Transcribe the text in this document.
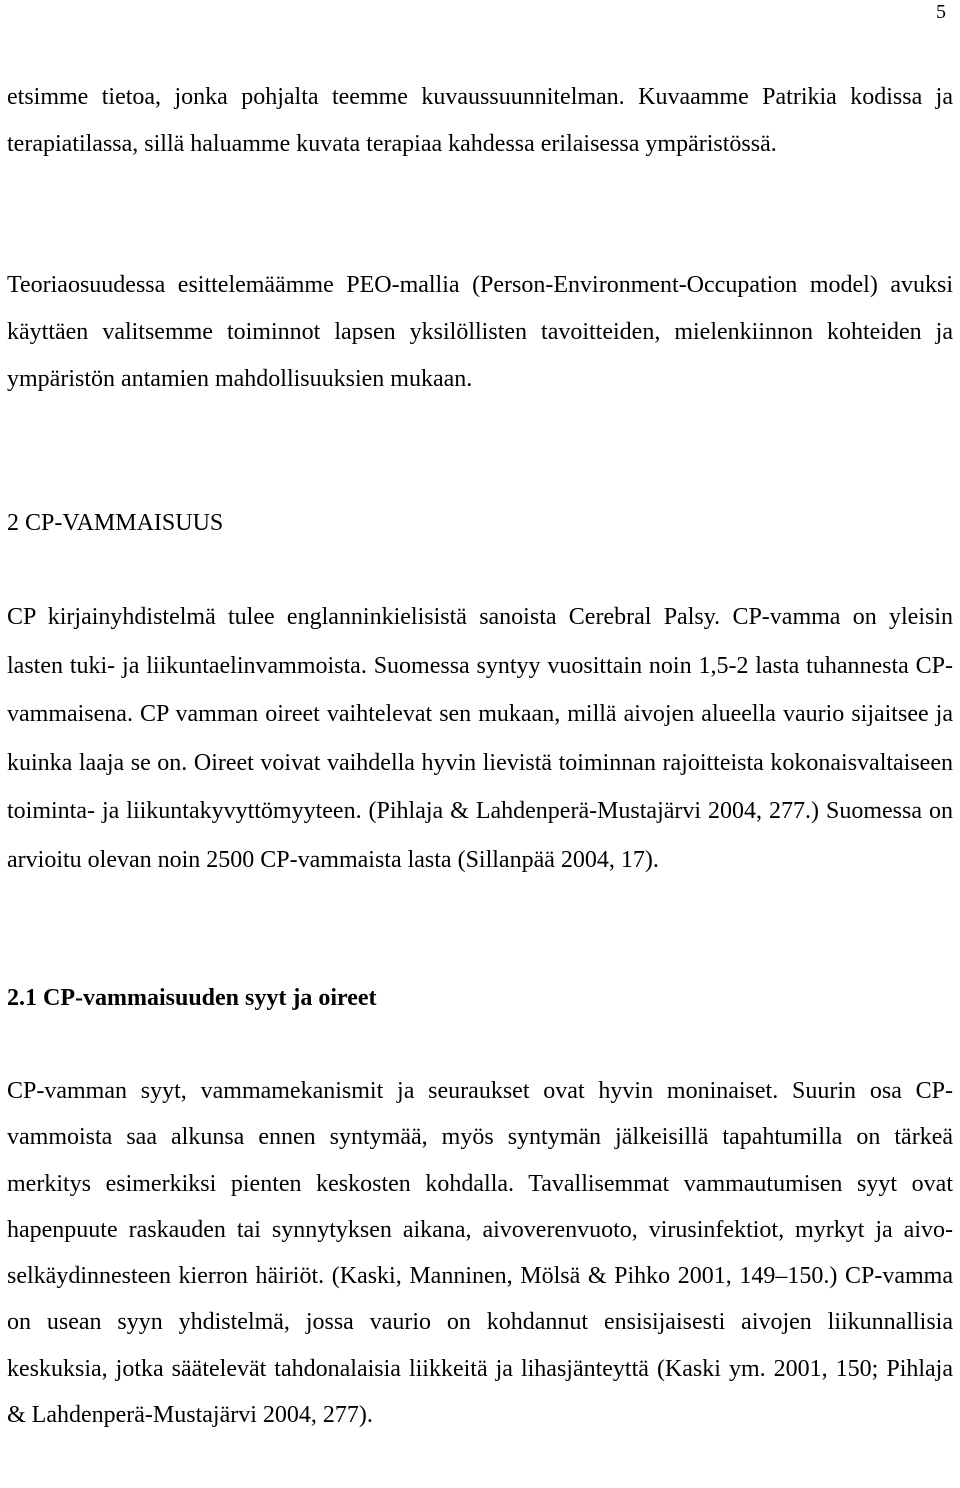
5

etsimme tietoa, jonka pohjalta teemme kuvaussuunnitelman. Kuvaamme Patrikia kodissa ja terapiatilassa, sillä haluamme kuvata terapiaa kahdessa erilaisessa ympäristössä.

Teoriaosuudessa esittelemäämme PEO-mallia (Person-Environment-Occupation model) avuksi käyttäen valitsemme toiminnot lapsen yksilöllisten tavoitteiden, mielenkiinnon kohteiden ja ympäristön antamien mahdollisuuksien mukaan.

2 CP-VAMMAISUUS

CP kirjainyhdistelmä tulee englanninkielisistä sanoista Cerebral Palsy. CP-vamma on yleisin lasten tuki- ja liikuntaelinvammoista. Suomessa syntyy vuosittain noin 1,5-2 lasta tuhannesta CP-vammaisena. CP vamman oireet vaihtelevat sen mukaan, millä aivojen alueella vaurio sijaitsee ja kuinka laaja se on. Oireet voivat vaihdella hyvin lievistä toiminnan rajoitteista kokonaisvaltaiseen toiminta- ja liikuntakyvyttömyyteen. (Pihlaja & Lahdenperä-Mustajärvi 2004, 277.) Suomessa on arvioitu olevan noin 2500 CP-vammaista lasta (Sillanpää 2004, 17).

2.1 CP-vammaisuuden syyt ja oireet

CP-vamman syyt, vammamekanismit ja seuraukset ovat hyvin moninaiset. Suurin osa CP-vammoista saa alkunsa ennen syntymää, myös syntymän jälkeisillä tapahtumilla on tärkeä merkitys esimerkiksi pienten keskosten kohdalla. Tavallisemmat vammautumisen syyt ovat hapenpuute raskauden tai synnytyksen aikana, aivoverenvuoto, virusinfektiot, myrkyt ja aivo-selkäydinnesteen kierron häiriöt. (Kaski, Manninen, Mölsä & Pihko 2001, 149–150.) CP-vamma on usean syyn yhdistelmä, jossa vaurio on kohdannut ensisijaisesti aivojen liikunnallisia keskuksia, jotka säätelevät tahdonalaisia liikkeitä ja lihasjänteyttä (Kaski ym. 2001, 150; Pihlaja & Lahdenperä-Mustajärvi 2004, 277).
